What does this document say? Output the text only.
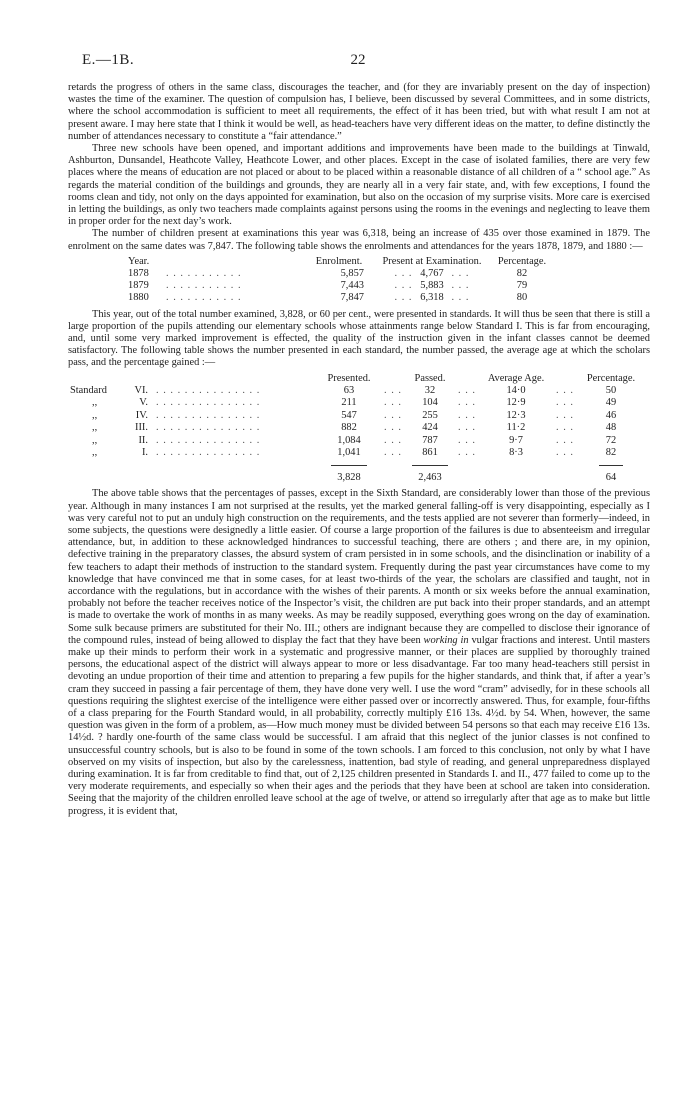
E.—1B.	22

retards the progress of others in the same class, discourages the teacher, and (for they are invariably present on the day of inspection) wastes the time of the examiner. The question of compulsion has, I believe, been discussed by several Committees, and in some districts, where the school accommodation is sufficient to meet all requirements, the effect of it has been tried, but with what result I am not at present aware. I may here state that I think it would be well, as head-teachers have very different ideas on the matter, to define distinctly the number of attendances necessary to constitute a “fair attendance.”

Three new schools have been opened, and important additions and improvements have been made to the buildings at Tinwald, Ashburton, Dunsandel, Heathcote Valley, Heathcote Lower, and other places. Except in the case of isolated families, there are very few places where the means of education are not placed or about to be placed within a reasonable distance of all children of a “ school age.” As regards the material condition of the buildings and grounds, they are nearly all in a very fair state, and, with few exceptions, I found the rooms clean and tidy, not only on the days appointed for examination, but also on the occasion of my surprise visits. More care is exercised in letting the buildings, as only two teachers made complaints against persons using the rooms in the evenings and neglecting to leave them in proper order for the next day’s work.

The number of children present at examinations this year was 6,318, being an increase of 435 over those examined in 1879. The enrolment on the same dates was 7,847. The following table shows the enrolments and attendances for the years 1878, 1879, and 1880 :—

Year.		Enrolment.	Present at Examination.	Percentage.
1878	. . . . . . . . . . .	5,857	. . . 4,767 . . .	82
1879	. . . . . . . . . . .	7,443	. . . 5,883 . . .	79
1880	. . . . . . . . . . .	7,847	. . . 6,318 . . .	80

This year, out of the total number examined, 3,828, or 60 per cent., were presented in standards. It will thus be seen that there is still a large proportion of the pupils attending our elementary schools whose attainments range below Standard I. This is far from encouraging, and, until some very marked improvement is effected, the quality of the instruction given in the infant classes cannot be deemed satisfactory. The following table shows the number presented in each standard, the number passed, the average age at which the scholars pass, and the percentage gained :—

			Presented.		Passed.		Average Age.		Percentage.
Standard	VI.	. . . . . . . . . . . . . . .	63	. . .	32	. . .	14·0	. . .	50
,,	V.	. . . . . . . . . . . . . . .	211	. . .	104	. . .	12·9	. . .	49
,,	IV.	. . . . . . . . . . . . . . .	547	. . .	255	. . .	12·3	. . .	46
,,	III.	. . . . . . . . . . . . . . .	882	. . .	424	. . .	11·2	. . .	48
,,	II.	. . . . . . . . . . . . . . .	1,084	. . .	787	. . .	9·7	. . .	72
,,	I.	. . . . . . . . . . . . . . .	1,041	. . .	861	. . .	8·3	. . .	82

			3,828		2,463				64

The above table shows that the percentages of passes, except in the Sixth Standard, are considerably lower than those of the previous year. Although in many instances I am not surprised at the results, yet the marked general falling-off is very disappointing, especially as I was very careful not to put an unduly high construction on the requirements, and the tests applied are not severer than formerly—indeed, in some subjects, the questions were designedly a little easier. Of course a large proportion of the failures is due to absenteeism and irregular attendance, but, in addition to these acknowledged hindrances to successful teaching, there are others ; and there are, in my opinion, defective training in the preparatory classes, the absurd system of cram persisted in in some schools, and the disinclination or inability of a few teachers to adapt their methods of instruction to the standard system. Frequently during the past year circumstances have come to my knowledge that have convinced me that in some cases, for at least two-thirds of the year, the scholars are classified and taught, not in accordance with the regulations, but in accordance with the wishes of their parents. A month or six weeks before the annual examination, probably not before the teacher receives notice of the Inspector’s visit, the children are put back into their proper standards, and an attempt is made to overtake the work of months in as many weeks. As may be readily supposed, everything goes wrong on the day of examination. Some sulk because primers are substituted for their No. III.; others are indignant because they are compelled to disclose their ignorance of the compound rules, instead of being allowed to display the fact that they have been working in vulgar fractions and interest. Until masters make up their minds to perform their work in a systematic and progressive manner, or their places are supplied by thoroughly trained persons, the educational aspect of the district will always appear to more or less disadvantage. Far too many head-teachers still persist in devoting an undue proportion of their time and attention to preparing a few pupils for the higher standards, and think that, if after a year’s cram they succeed in passing a fair percentage of them, they have done very well. I use the word “cram” advisedly, for in these schools all questions requiring the slightest exercise of the intelligence were either passed over or incorrectly answered. Thus, for example, four-fifths of a class preparing for the Fourth Standard would, in all probability, correctly multiply £16 13s. 4½d. by 54. When, however, the same question was given in the form of a problem, as—How much money must be divided between 54 persons so that each may receive £16 13s. 14½d. ? hardly one-fourth of the same class would be successful. I am afraid that this neglect of the junior classes is not confined to unsuccessful country schools, but is also to be found in some of the town schools. I am forced to this conclusion, not only by what I have observed on my visits of inspection, but also by the carelessness, inattention, bad style of reading, and general unpreparedness displayed during examination. It is far from creditable to find that, out of 2,125 children presented in Standards I. and II., 477 failed to come up to the very moderate requirements, and especially so when their ages and the periods that they have been at school are taken into consideration. Seeing that the majority of the children enrolled leave school at the age of twelve, or attend so irregularly after that age as to make but little progress, it is evident that,
